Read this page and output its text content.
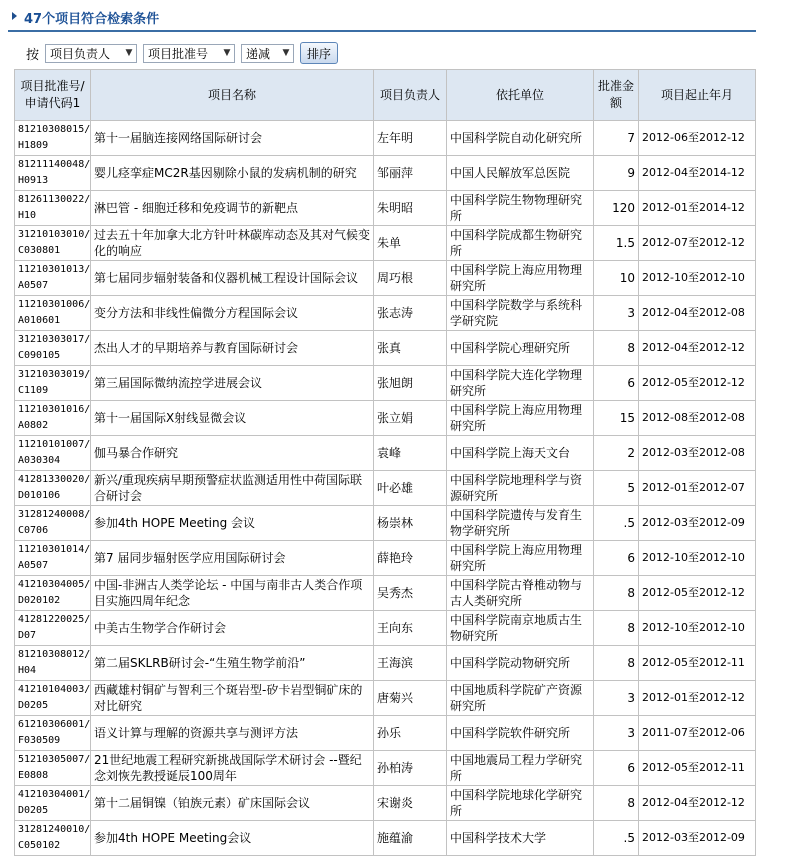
47个项目符合检索条件
按 项目负责人	▼ 项目批准号	▼ 递减	▼	排序
项目批准号/申请代码1	项目名称	项目负责人	依托单位	批准金额	项目起止年月

81210308015/
H1809	第十一届脑连接网络国际研讨会	左年明	中国科学院自动化研究所	7	2012-06至2012-12

81211140048/
H0913	婴儿痉挛症MC2R基因剔除小鼠的发病机制的研究	邹丽萍	中国人民解放军总医院	9	2012-04至2014-12

81261130022/
H10	淋巴管 - 细胞迁移和免疫调节的新靶点	朱明昭	中国科学院生物物理研究所	120	2012-01至2014-12

31210103010/
C030801	过去五十年加拿大北方针叶林碳库动态及其对气候变化的响应	朱单	中国科学院成都生物研究所	1.5	2012-07至2012-12

11210301013/
A0507	第七届同步辐射装备和仪器机械工程设计国际会议	周巧根	中国科学院上海应用物理研究所	10	2012-10至2012-10

11210301006/
A010601	变分方法和非线性偏微分方程国际会议	张志涛	中国科学院数学与系统科学研究院	3	2012-04至2012-08

31210303017/
C090105	杰出人才的早期培养与教育国际研讨会	张真	中国科学院心理研究所	8	2012-04至2012-12

31210303019/
C1109	第三届国际微纳流控学进展会议	张旭朗	中国科学院大连化学物理研究所	6	2012-05至2012-12

11210301016/
A0802	第十一届国际X射线显微会议	张立娟	中国科学院上海应用物理研究所	15	2012-08至2012-08

11210101007/
A030304	伽马暴合作研究	袁峰	中国科学院上海天文台	2	2012-03至2012-08

41281330020/
D010106	新兴/重现疾病早期预警症状监测适用性中荷国际联合研讨会	叶必雄	中国科学院地理科学与资源研究所	5	2012-01至2012-07

31281240008/
C0706	参加4th HOPE Meeting 会议	杨崇林	中国科学院遗传与发育生物学研究所	.5	2012-03至2012-09

11210301014/
A0507	第7 届同步辐射医学应用国际研讨会	薛艳玲	中国科学院上海应用物理研究所	6	2012-10至2012-10

41210304005/
D020102	中国-非洲古人类学论坛 - 中国与南非古人类合作项目实施四周年纪念	吴秀杰	中国科学院古脊椎动物与古人类研究所	8	2012-05至2012-12

41281220025/
D07	中美古生物学合作研讨会	王向东	中国科学院南京地质古生物研究所	8	2012-10至2012-10

81210308012/
H04	第二届SKLRB研讨会-“生殖生物学前沿”	王海滨	中国科学院动物研究所	8	2012-05至2012-11

41210104003/
D0205	西藏雄村铜矿与智利三个斑岩型-矽卡岩型铜矿床的对比研究	唐菊兴	中国地质科学院矿产资源研究所	3	2012-01至2012-12

61210306001/
F030509	语义计算与理解的资源共享与测评方法	孙乐	中国科学院软件研究所	3	2011-07至2012-06

51210305007/
E0808	21世纪地震工程研究新挑战国际学术研讨会 --暨纪念刘恢先教授诞辰100周年	孙柏涛	中国地震局工程力学研究所	6	2012-05至2012-11

41210304001/
D0205	第十二届铜镍（铂族元素）矿床国际会议	宋谢炎	中国科学院地球化学研究所	8	2012-04至2012-12

31281240010/
C050102	参加4th HOPE Meeting会议	施蕴渝	中国科学技术大学	.5	2012-03至2012-09
